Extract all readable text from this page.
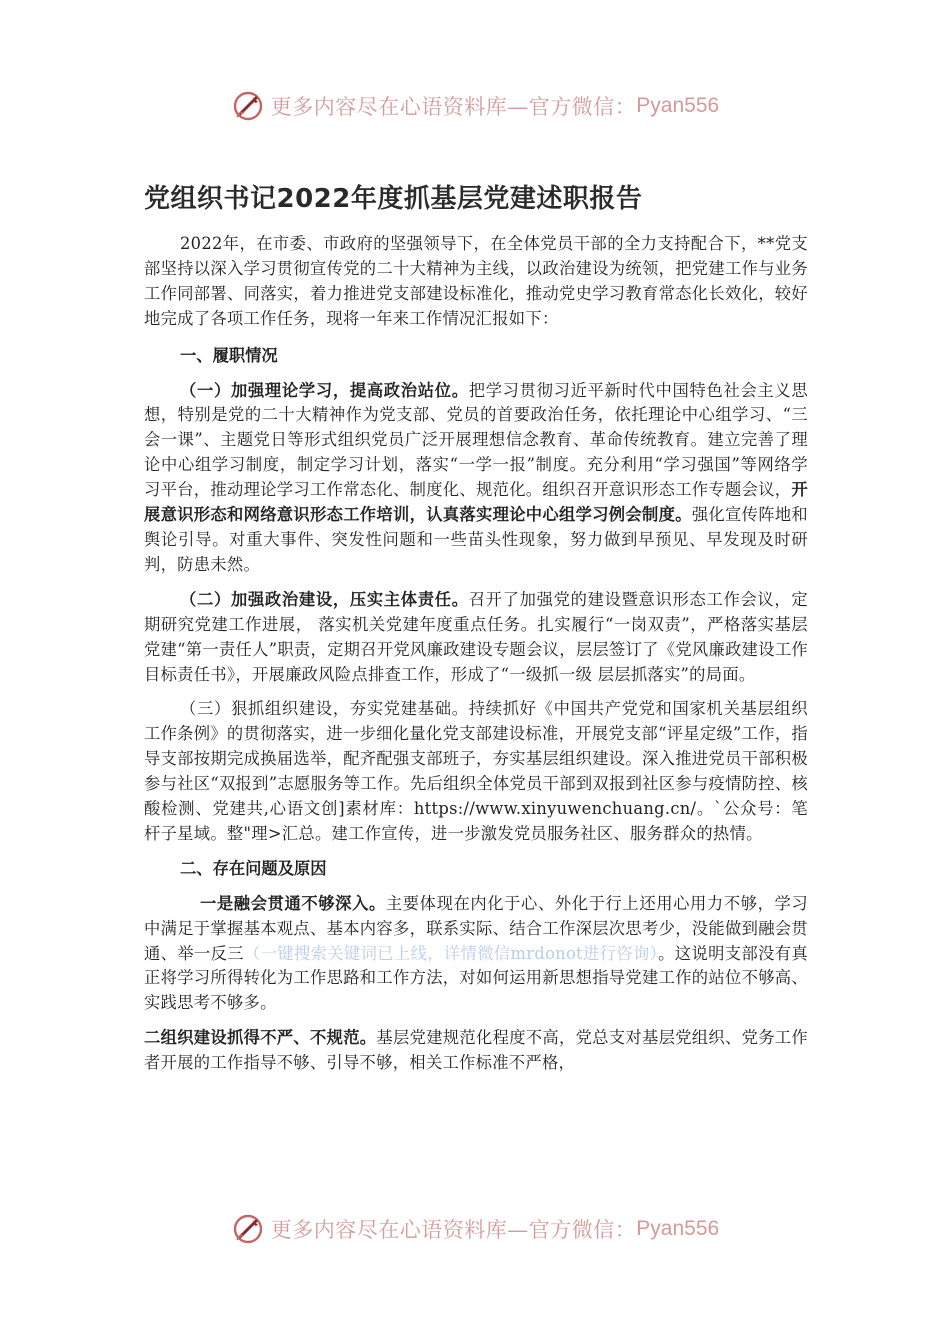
更多内容尽在心语资料库—官方微信： Pyan556
党组织书记2022年度抓基层党建述职报告

2022年，在市委、市政府的坚强领导下，在全体党员干部的全力支持配合下，**党支部坚持以深入学习贯彻宣传党的二十大精神为主线，以政治建设为统领，把党建工作与业务工作同部署、同落实，着力推进党支部建设标准化，推动党史学习教育常态化长效化，较好地完成了各项工作任务，现将一年来工作情况汇报如下：

一、履职情况

（一）加强理论学习，提高政治站位。把学习贯彻习近平新时代中国特色社会主义思想，特别是党的二十大精神作为党支部、党员的首要政治任务，依托理论中心组学习、“三会一课”、主题党日等形式组织党员广泛开展理想信念教育、革命传统教育。建立完善了理论中心组学习制度，制定学习计划，落实“一学一报”制度。充分利用“学习强国”等网络学习平台，推动理论学习工作常态化、制度化、规范化。组织召开意识形态工作专题会议，开展意识形态和网络意识形态工作培训，认真落实理论中心组学习例会制度。强化宣传阵地和舆论引导。对重大事件、突发性问题和一些苗头性现象，努力做到早预见、早发现及时研判，防患未然。

（二）加强政治建设，压实主体责任。召开了加强党的建设暨意识形态工作会议，定期研究党建工作进展， 落实机关党建年度重点任务。扎实履行“一岗双责”，严格落实基层党建“第一责任人”职责，定期召开党风廉政建设专题会议，层层签订了《党风廉政建设工作目标责任书》，开展廉政风险点排查工作，形成了“一级抓一级 层层抓落实”的局面。

（三）狠抓组织建设，夯实党建基础。持续抓好《中国共产党党和国家机关基层组织工作条例》的贯彻落实，进一步细化量化党支部建设标准，开展党支部“评星定级”工作，指导支部按期完成换届选举，配齐配强支部班子，夯实基层组织建设。深入推进党员干部积极参与社区“双报到”志愿服务等工作。先后组织全体党员干部到双报到社区参与疫情防控、核酸检测、党建共,心语文创]素材库：https://www.xinyuwenchuang.cn/。`公众号：笔杆子星域。整"理>汇总。建工作宣传，进一步激发党员服务社区、服务群众的热情。

二、存在问题及原因

一是融会贯通不够深入。主要体现在内化于心、外化于行上还用心用力不够，学习中满足于掌握基本观点、基本内容多，联系实际、结合工作深层次思考少，没能做到融会贯通、举一反三（一键搜索关键词已上线，详情微信mrdonot进行咨询）。这说明支部没有真正将学习所得转化为工作思路和工作方法，对如何运用新思想指导党建工作的站位不够高、实践思考不够多。

二组织建设抓得不严、不规范。基层党建规范化程度不高，党总支对基层党组织、党务工作者开展的工作指导不够、引导不够，相关工作标准不严格，

更多内容尽在心语资料库—官方微信： Pyan556
